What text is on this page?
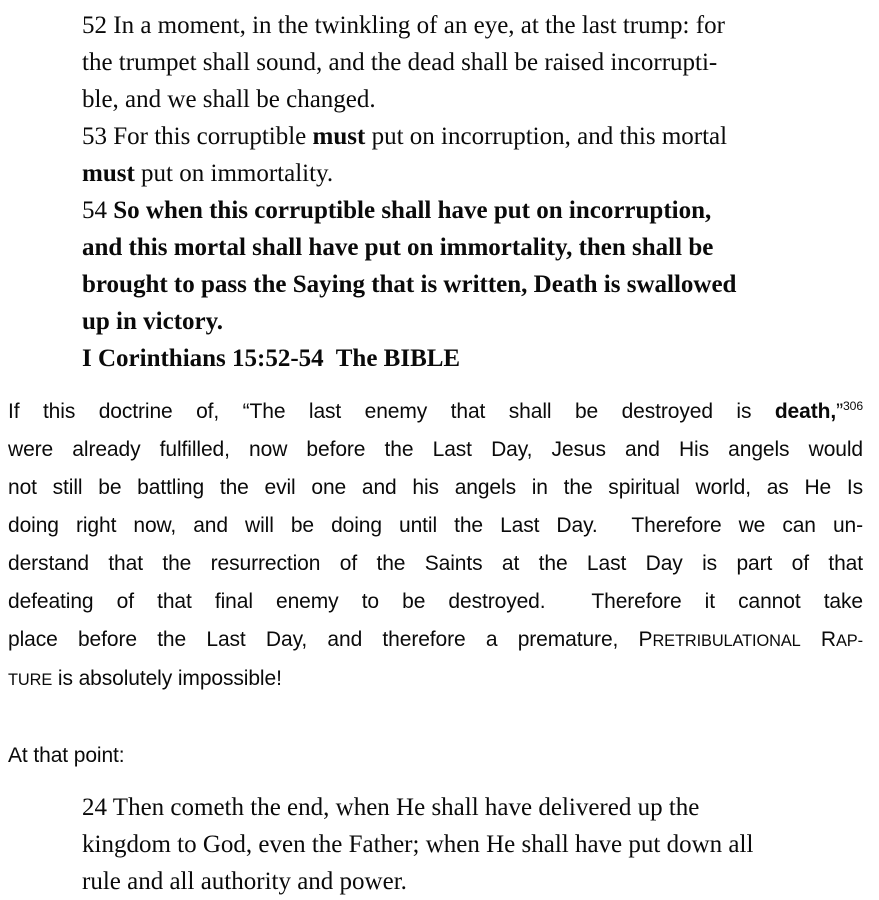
52 In a moment, in the twinkling of an eye, at the last trump: for
the trumpet shall sound, and the dead shall be raised incorrupti-
ble, and we shall be changed.
53 For this corruptible must put on incorruption, and this mortal
must put on immortality.
54 So when this corruptible shall have put on incorruption,
and this mortal shall have put on immortality, then shall be
brought to pass the Saying that is written, Death is swallowed
up in victory.
I Corinthians 15:52-54  The BIBLE
If this doctrine of, “The last enemy that shall be destroyed is death,”$^{306}$
were already fulfilled, now before the Last Day, Jesus and His angels would
not still be battling the evil one and his angels in the spiritual world, as He Is
doing right now, and will be doing until the Last Day.  Therefore we can un-
derstand that the resurrection of the Saints at the Last Day is part of that
defeating of that final enemy to be destroyed.  Therefore it cannot take
place before the Last Day, and therefore a premature, PRETRIBULATIONAL RAP-
TURE is absolutely impossible!
At that point:
24 Then cometh the end, when He shall have delivered up the
kingdom to God, even the Father; when He shall have put down all
rule and all authority and power.
